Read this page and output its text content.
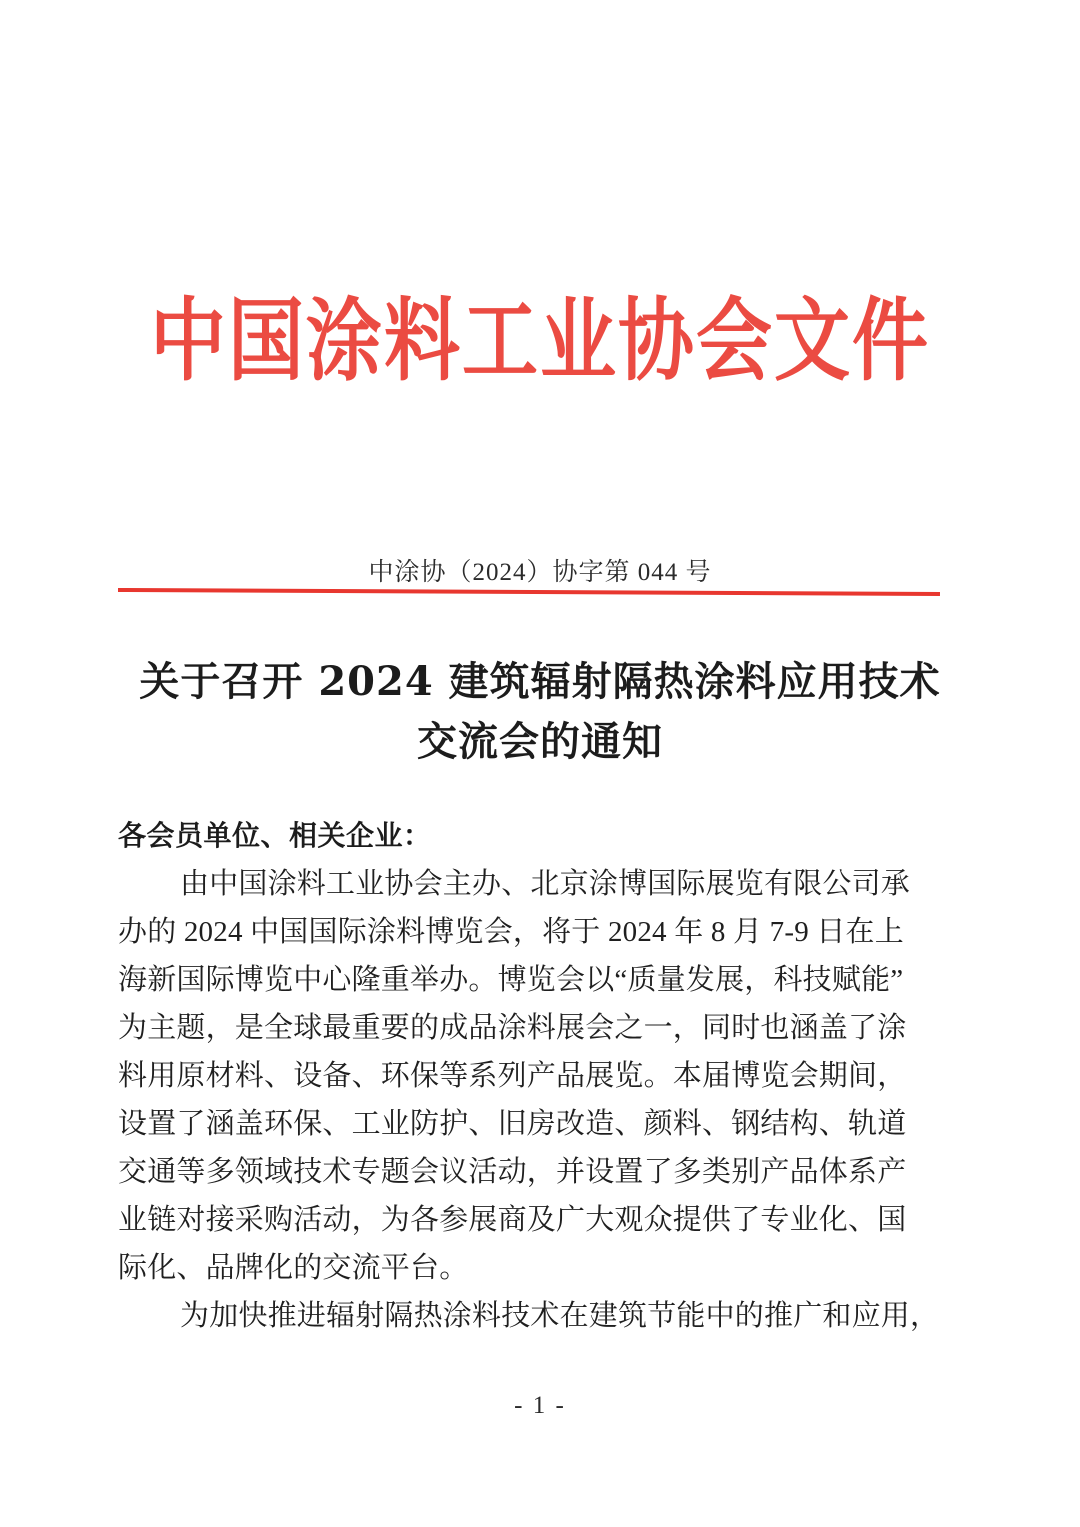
中国涂料工业协会文件
中涂协（2024）协字第 044 号
关于召开 2024 建筑辐射隔热涂料应用技术
交流会的通知
各会员单位、相关企业：
由中国涂料工业协会主办、北京涂博国际展览有限公司承
办的 2024 中国国际涂料博览会，将于 2024 年 8 月 7-9 日在上
海新国际博览中心隆重举办。博览会以“质量发展，科技赋能”
为主题，是全球最重要的成品涂料展会之一，同时也涵盖了涂
料用原材料、设备、环保等系列产品展览。本届博览会期间，
设置了涵盖环保、工业防护、旧房改造、颜料、钢结构、轨道
交通等多领域技术专题会议活动，并设置了多类别产品体系产
业链对接采购活动，为各参展商及广大观众提供了专业化、国
际化、品牌化的交流平台。
为加快推进辐射隔热涂料技术在建筑节能中的推广和应用，
- 1 -
